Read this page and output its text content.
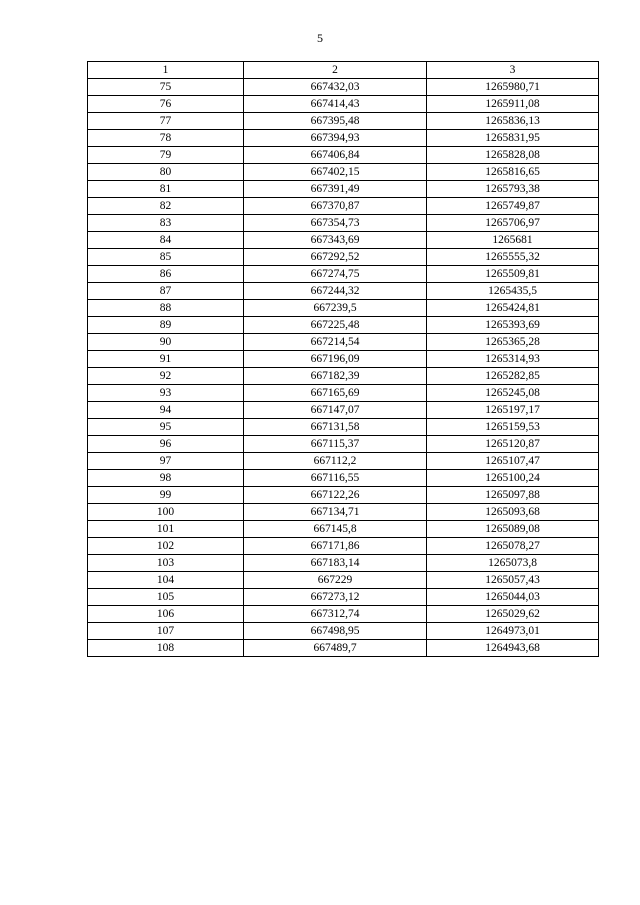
5
1	2	3
75	667432,03	1265980,71
76	667414,43	1265911,08
77	667395,48	1265836,13
78	667394,93	1265831,95
79	667406,84	1265828,08
80	667402,15	1265816,65
81	667391,49	1265793,38
82	667370,87	1265749,87
83	667354,73	1265706,97
84	667343,69	1265681
85	667292,52	1265555,32
86	667274,75	1265509,81
87	667244,32	1265435,5
88	667239,5	1265424,81
89	667225,48	1265393,69
90	667214,54	1265365,28
91	667196,09	1265314,93
92	667182,39	1265282,85
93	667165,69	1265245,08
94	667147,07	1265197,17
95	667131,58	1265159,53
96	667115,37	1265120,87
97	667112,2	1265107,47
98	667116,55	1265100,24
99	667122,26	1265097,88
100	667134,71	1265093,68
101	667145,8	1265089,08
102	667171,86	1265078,27
103	667183,14	1265073,8
104	667229	1265057,43
105	667273,12	1265044,03
106	667312,74	1265029,62
107	667498,95	1264973,01
108	667489,7	1264943,68
